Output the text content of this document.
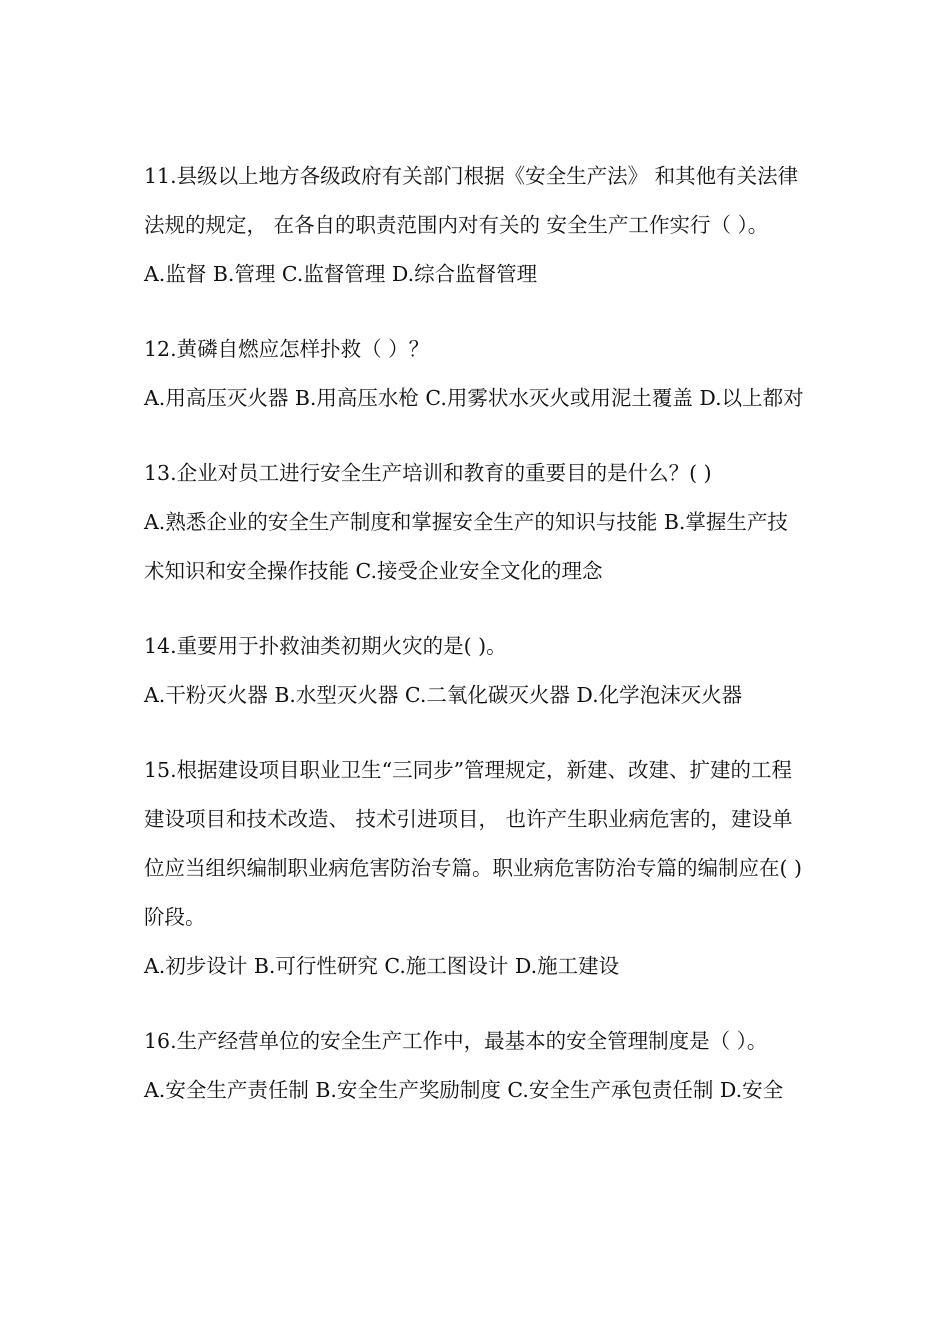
11.县级以上地方各级政府有关部门根据《安全生产法》 和其他有关法律法规的规定， 在各自的职责范围内对有关的 安全生产工作实行（ ）。

A.监督 B.管理 C.监督管理 D.综合监督管理

12.黄磷自燃应怎样扑救（ ）？

A.用高压灭火器 B.用高压水枪 C.用雾状水灭火或用泥土覆盖 D.以上都对

13.企业对员工进行安全生产培训和教育的重要目的是什么？( )

A.熟悉企业的安全生产制度和掌握安全生产的知识与技能 B.掌握生产技术知识和安全操作技能 C.接受企业安全文化的理念

14.重要用于扑救油类初期火灾的是( )。

A.干粉灭火器 B.水型灭火器 C.二氧化碳灭火器 D.化学泡沫灭火器

15.根据建设项目职业卫生“三同步”管理规定，新建、改建、扩建的工程建设项目和技术改造、 技术引进项目， 也许产生职业病危害的，建设单位应当组织编制职业病危害防治专篇。职业病危害防治专篇的编制应在( )阶段。

A.初步设计 B.可行性研究 C.施工图设计 D.施工建设

16.生产经营单位的安全生产工作中，最基本的安全管理制度是（ ）。

A.安全生产责任制 B.安全生产奖励制度 C.安全生产承包责任制 D.安全
